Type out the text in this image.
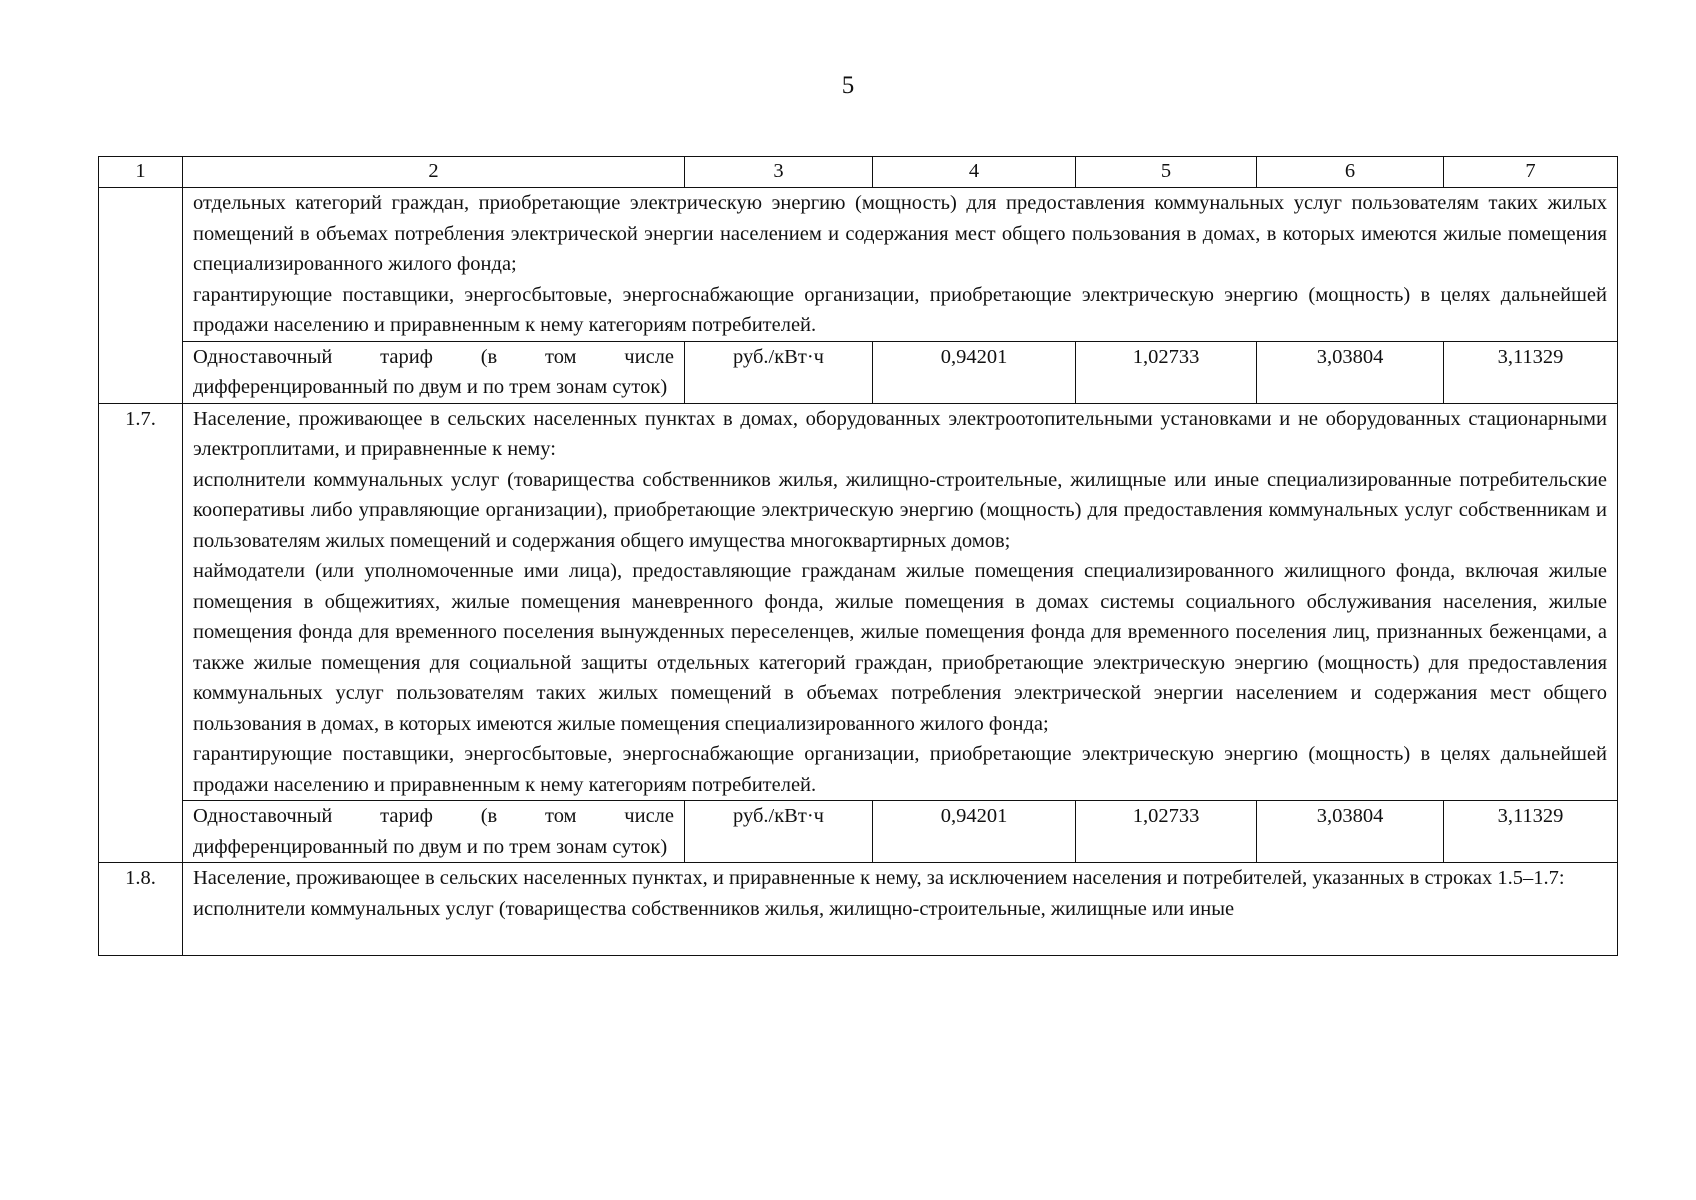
5
1	2	3	4	5	6	7

	отдельных категорий граждан, приобретающие электрическую энергию (мощность) для предоставления коммунальных услуг пользователям таких жилых помещений в объемах потребления электрической энергии населением и содержания мест общего пользования в домах, в которых имеются жилые помещения специализированного жилого фонда;

гарантирующие поставщики, энергосбытовые, энергоснабжающие организации, приобретающие электрическую энергию (мощность) в целях дальнейшей продажи населению и приравненным к нему категориям потребителей.					

	Одноставочный тариф (в том числе дифференцированный по двум и по трем зонам суток)	руб./кВт·ч	0,94201	1,02733	3,03804	3,11329
1.7.	Население, проживающее в сельских населенных пунктах в домах, оборудованных электроотопительными установками и не оборудованных стационарными электроплитами, и приравненные к нему:

исполнители коммунальных услуг (товарищества собственников жилья, жилищно-строительные, жилищные или иные специализированные потребительские кооперативы либо управляющие организации), приобретающие электрическую энергию (мощность) для предоставления коммунальных услуг собственникам и пользователям жилых помещений и содержания общего имущества многоквартирных домов;

наймодатели (или уполномоченные ими лица), предоставляющие гражданам жилые помещения специализированного жилищного фонда, включая жилые помещения в общежитиях, жилые помещения маневренного фонда, жилые помещения в домах системы социального обслуживания населения, жилые помещения фонда для временного поселения вынужденных переселенцев, жилые помещения фонда для временного поселения лиц, признанных беженцами, а также жилые помещения для социальной защиты отдельных категорий граждан, приобретающие электрическую энергию (мощность) для предоставления коммунальных услуг пользователям таких жилых помещений в объемах потребления электрической энергии населением и содержания мест общего пользования в домах, в которых имеются жилые помещения специализированного жилого фонда;

гарантирующие поставщики, энергосбытовые, энергоснабжающие организации, приобретающие электрическую энергию (мощность) в целях дальнейшей продажи населению и приравненным к нему категориям потребителей.					

	Одноставочный тариф (в том числе дифференцированный по двум и по трем зонам суток)	руб./кВт·ч	0,94201	1,02733	3,03804	3,11329
1.8.	Население, проживающее в сельских населенных пунктах, и приравненные к нему, за исключением населения и потребителей, указанных в строках 1.5–1.7:

исполнители коммунальных услуг (товарищества собственников жилья, жилищно-строительные, жилищные или иные					
